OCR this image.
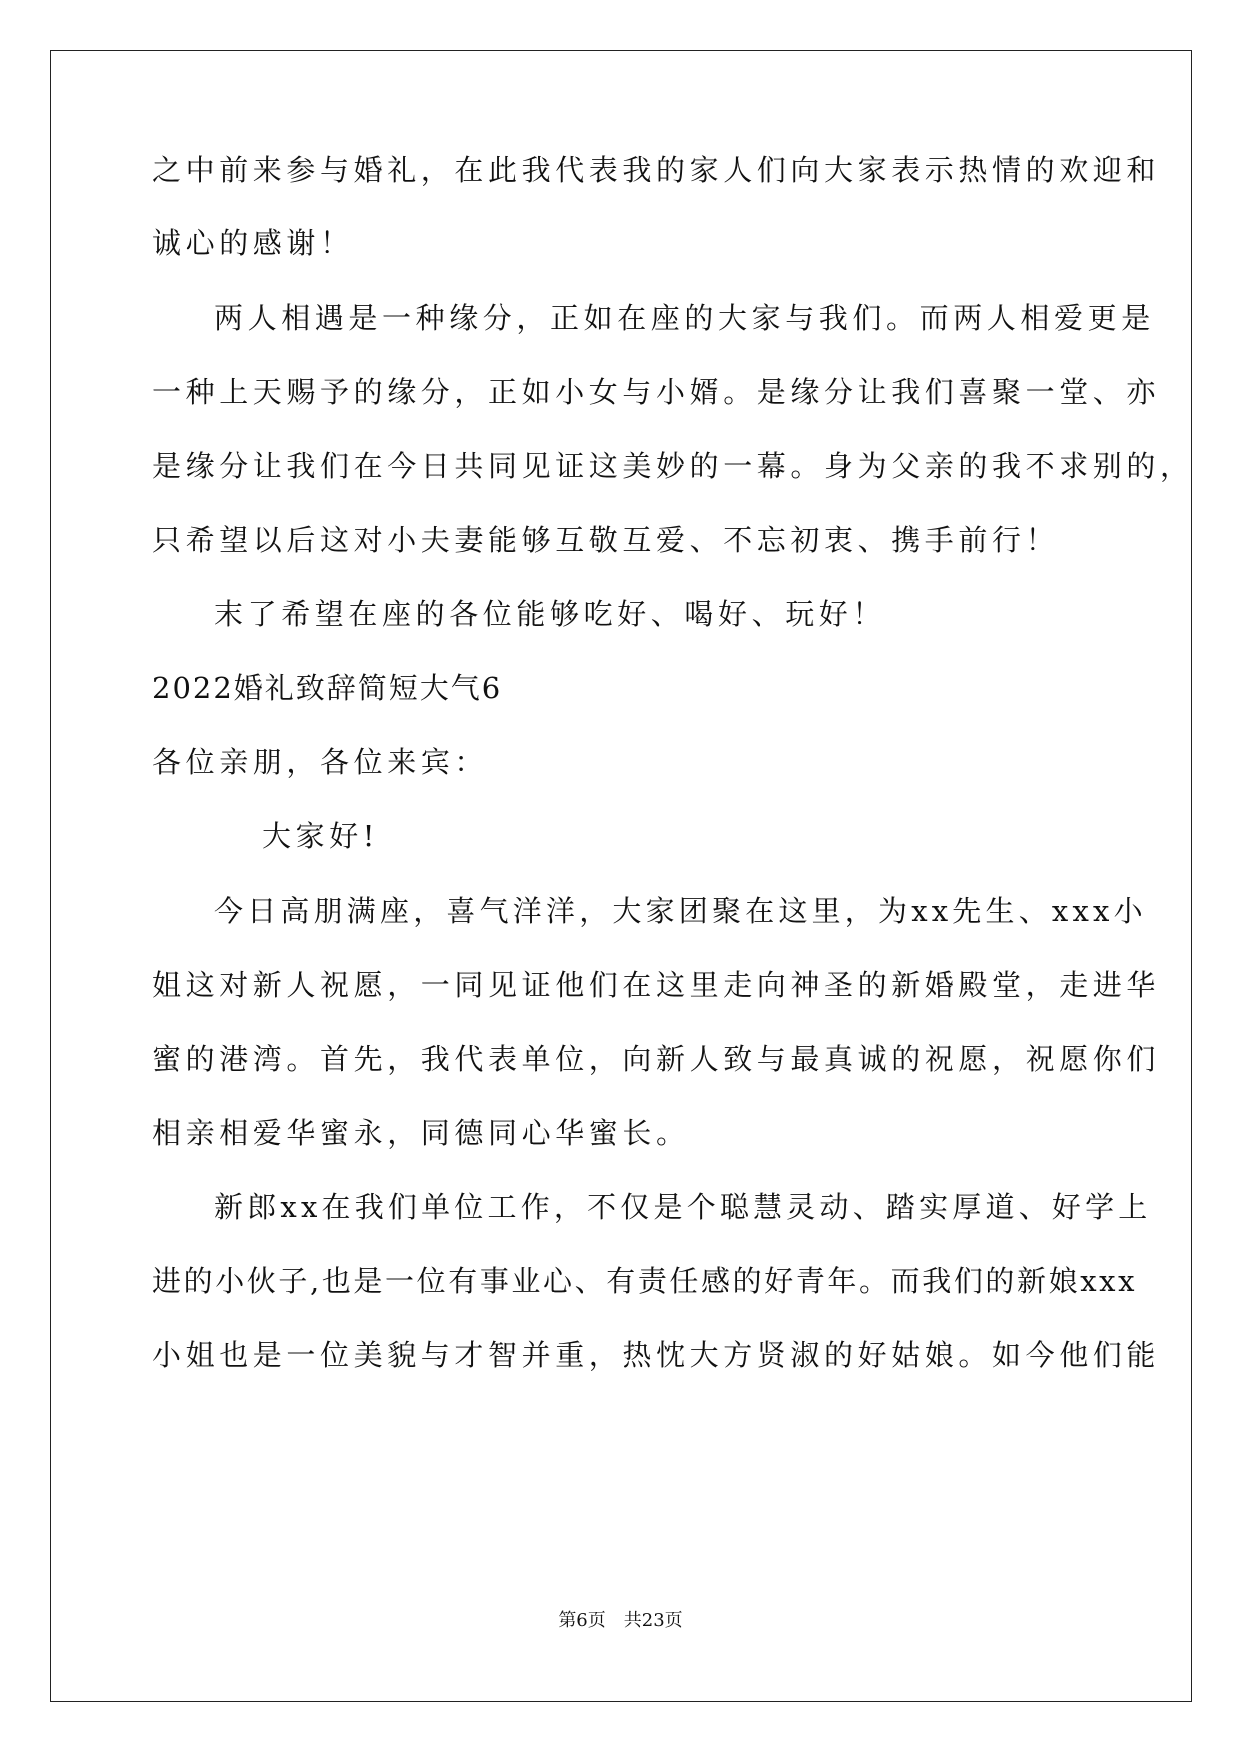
之中前来参与婚礼，在此我代表我的家人们向大家表示热情的欢迎和
诚心的感谢！
两人相遇是一种缘分，正如在座的大家与我们。而两人相爱更是
一种上天赐予的缘分，正如小女与小婿。是缘分让我们喜聚一堂、亦
是缘分让我们在今日共同见证这美妙的一幕。身为父亲的我不求别的，
只希望以后这对小夫妻能够互敬互爱、不忘初衷、携手前行！
末了希望在座的各位能够吃好、喝好、玩好！
2022婚礼致辞简短大气6
各位亲朋，各位来宾：
大家好!
今日高朋满座，喜气洋洋，大家团聚在这里，为xx先生、xxx小
姐这对新人祝愿，一同见证他们在这里走向神圣的新婚殿堂，走进华
蜜的港湾。首先，我代表单位，向新人致与最真诚的祝愿，祝愿你们
相亲相爱华蜜永，同德同心华蜜长。
新郎xx在我们单位工作，不仅是个聪慧灵动、踏实厚道、好学上
进的小伙子,也是一位有事业心、有责任感的好青年。而我们的新娘xxx
小姐也是一位美貌与才智并重，热忱大方贤淑的好姑娘。如今他们能
第6页　共23页
